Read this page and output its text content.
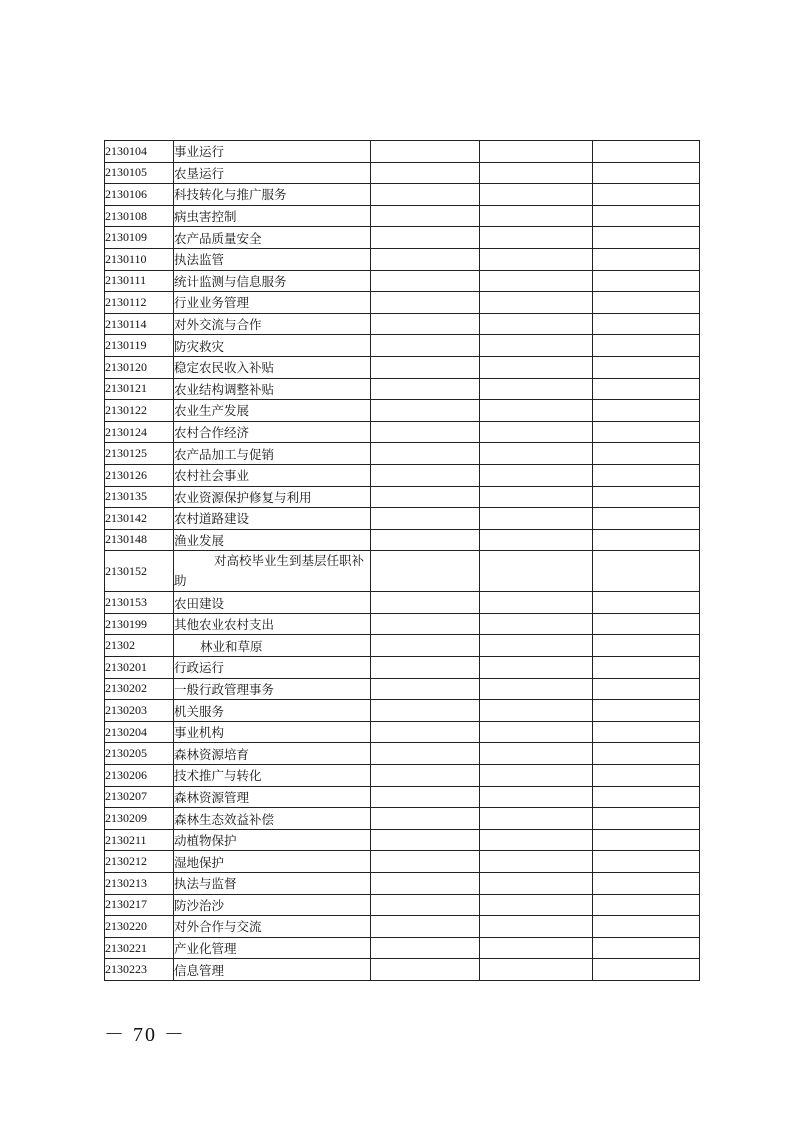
2130104	事业运行			
2130105	农垦运行			
2130106	科技转化与推广服务			
2130108	病虫害控制			
2130109	农产品质量安全			
2130110	执法监管			
2130111	统计监测与信息服务			
2130112	行业业务管理			
2130114	对外交流与合作			
2130119	防灾救灾			
2130120	稳定农民收入补贴			
2130121	农业结构调整补贴			
2130122	农业生产发展			
2130124	农村合作经济			
2130125	农产品加工与促销			
2130126	农村社会事业			
2130135	农业资源保护修复与利用			
2130142	农村道路建设			
2130148	渔业发展			
2130152	对高校毕业生到基层任职补助			

2130153	农田建设			
2130199	其他农业农村支出			
21302	林业和草原			
2130201	行政运行			
2130202	一般行政管理事务			
2130203	机关服务			
2130204	事业机构			
2130205	森林资源培育			
2130206	技术推广与转化			
2130207	森林资源管理			
2130209	森林生态效益补偿			
2130211	动植物保护			
2130212	湿地保护			
2130213	执法与监督			
2130217	防沙治沙			
2130220	对外合作与交流			
2130221	产业化管理			
2130223	信息管理			
－ 70 －
